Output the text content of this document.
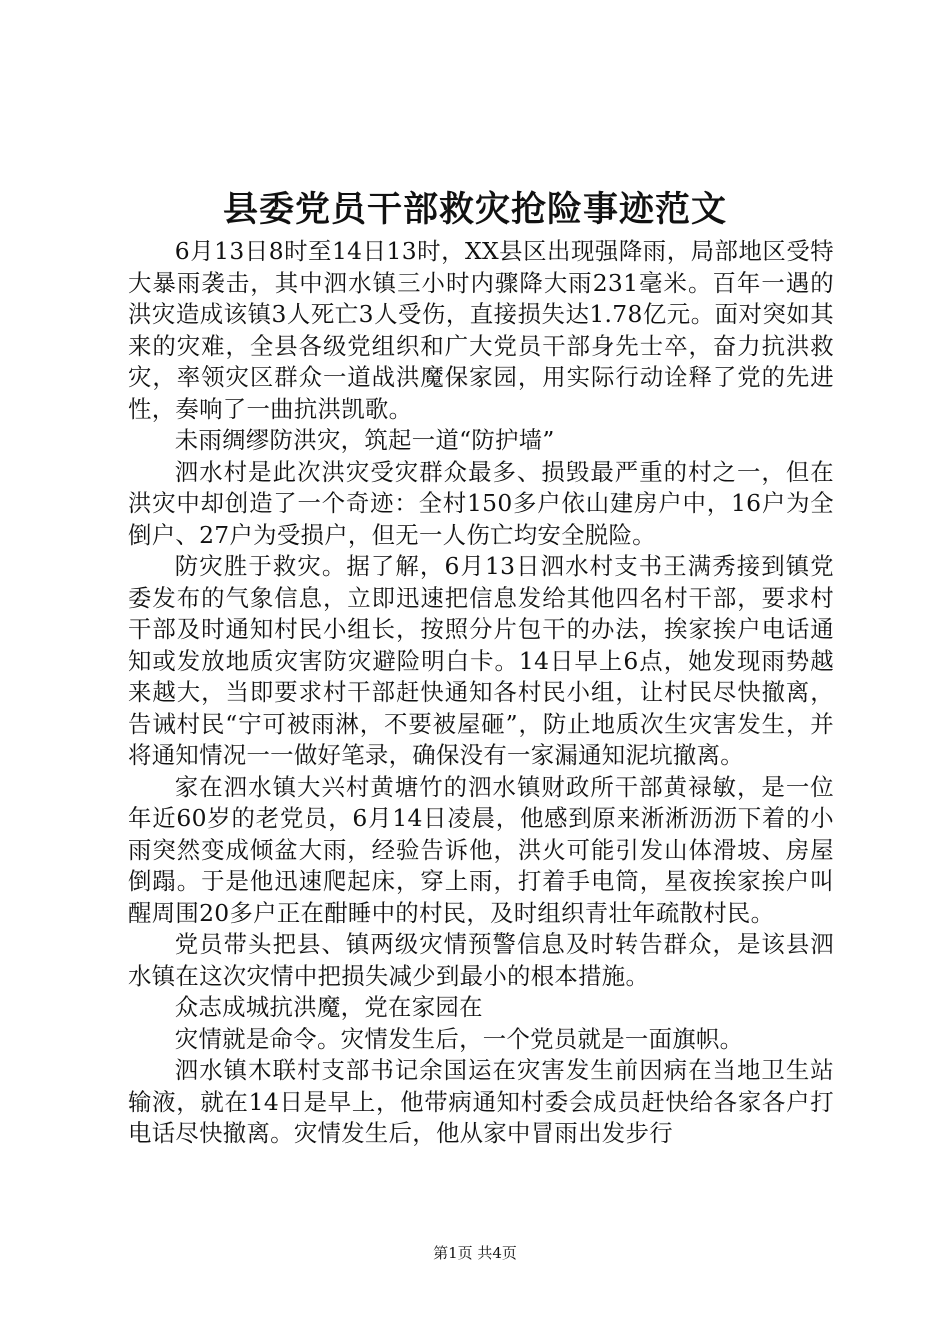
县委党员干部救灾抢险事迹范文

6月13日8时至14日13时，XX县区出现强降雨，局部地区受特大暴雨袭击，其中泗水镇三小时内骤降大雨231毫米。百年一遇的洪灾造成该镇3人死亡3人受伤，直接损失达1.78亿元。面对突如其来的灾难，全县各级党组织和广大党员干部身先士卒，奋力抗洪救灾，率领灾区群众一道战洪魔保家园，用实际行动诠释了党的先进性，奏响了一曲抗洪凯歌。

未雨绸缪防洪灾，筑起一道“防护墙”

泗水村是此次洪灾受灾群众最多、损毁最严重的村之一，但在洪灾中却创造了一个奇迹：全村150多户依山建房户中，16户为全倒户、27户为受损户，但无一人伤亡均安全脱险。

防灾胜于救灾。据了解，6月13日泗水村支书王满秀接到镇党委发布的气象信息，立即迅速把信息发给其他四名村干部，要求村干部及时通知村民小组长，按照分片包干的办法，挨家挨户电话通知或发放地质灾害防灾避险明白卡。14日早上6点，她发现雨势越来越大，当即要求村干部赶快通知各村民小组，让村民尽快撤离，告诫村民“宁可被雨淋，不要被屋砸”，防止地质次生灾害发生，并将通知情况一一做好笔录，确保没有一家漏通知泥坑撤离。

家在泗水镇大兴村黄塘竹的泗水镇财政所干部黄禄敏，是一位年近60岁的老党员，6月14日凌晨，他感到原来淅淅沥沥下着的小雨突然变成倾盆大雨，经验告诉他，洪火可能引发山体滑坡、房屋倒蹋。于是他迅速爬起床，穿上雨，打着手电筒，星夜挨家挨户叫醒周围20多户正在酣睡中的村民，及时组织青壮年疏散村民。

党员带头把县、镇两级灾情预警信息及时转告群众，是该县泗水镇在这次灾情中把损失减少到最小的根本措施。

众志成城抗洪魔，党在家园在

灾情就是命令。灾情发生后，一个党员就是一面旗帜。

泗水镇木联村支部书记余国运在灾害发生前因病在当地卫生站输液，就在14日是早上，他带病通知村委会成员赶快给各家各户打电话尽快撤离。灾情发生后，他从家中冒雨出发步行

第1页 共4页
